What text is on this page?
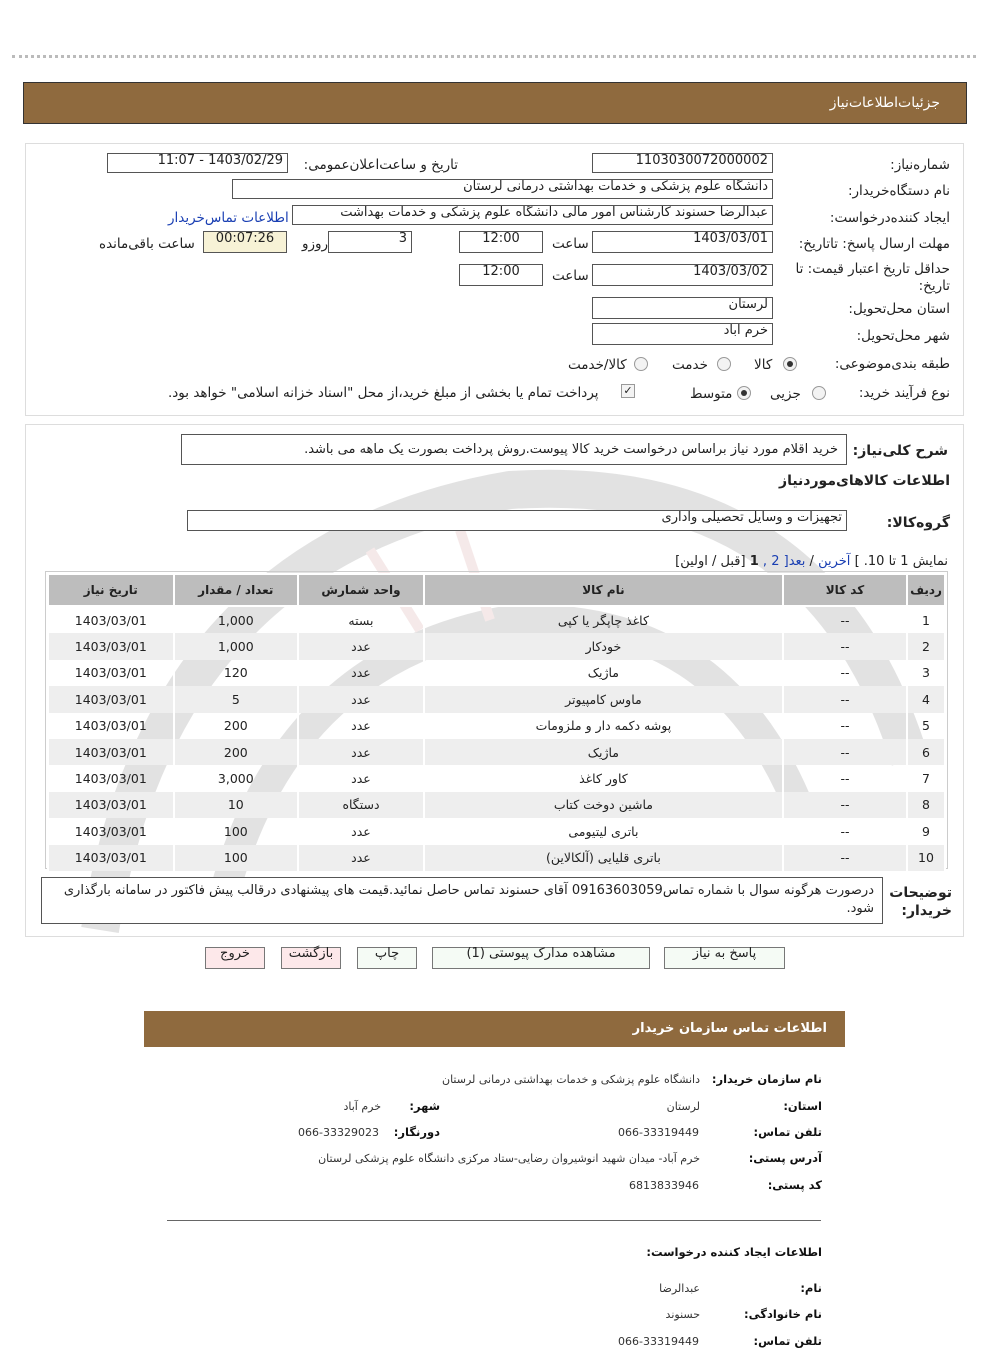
جزئیات‌اطلاعات‌نیاز
شماره‌نیاز:
1103030072000002
تاریخ و ساعت‌اعلان‌عمومی:
1403/02/29 - 11:07
نام دستگاه‌خریدار:
دانشگاه علوم پزشکی و خدمات بهداشتی درمانی لرستان
ایجاد کننده‌درخواست:
عبدالرضا حسنوند کارشناس امور مالی دانشگاه علوم پزشکی و خدمات بهداشت
اطلاعات تماس‌خریدار
مهلت ارسال پاسخ: تاتاریخ:
1403/03/01
ساعت
12:00
3
روزو
00:07:26
ساعت باقی‌مانده
حداقل تاریخ اعتبار قیمت: تا تاریخ:
1403/03/02
ساعت
12:00
استان محل‌تحویل:
لرستان
شهر محل‌تحویل:
خرم آباد
طبقه بندی‌موضوعی:
کالا
خدمت
کالا/خدمت
نوع فرآیند خرید:
جزیی
متوسط
✓
پرداخت تمام یا بخشی از مبلغ خرید،از محل "اسناد خزانه اسلامی" خواهد بود.
شرح کلی‌نیاز:
خرید اقلام مورد نیاز براساس درخواست خرید کالا پیوست.روش پرداخت بصورت یک ماهه می باشد.
اطلاعات کالاهای‌مورد‌نیاز
گروه‌کالا:
تجهیزات و وسایل تحصیلی واداری
نمایش 1 تا 10. ] آخرین / بعد[ 2 , 1 [قبل / اولین]
تاریخ نیاز	تعداد / مقدار	واحد شمارش	نام کالا	کد کالا	ردیف
1403/03/01	1,000	بسته	کاغذ چاپگر یا کپی	--	1
1403/03/01	1,000	عدد	خودکار	--	2
1403/03/01	120	عدد	ماژیک	--	3
1403/03/01	5	عدد	ماوس کامپیوتر	--	4
1403/03/01	200	عدد	پوشه دکمه دار و ملزومات	--	5
1403/03/01	200	عدد	ماژیک	--	6
1403/03/01	3,000	عدد	کاور کاغذ	--	7
1403/03/01	10	دستگاه	ماشین دوخت کتاب	--	8
1403/03/01	100	عدد	باتری لیتیومی	--	9
1403/03/01	100	عدد	باتری قلیایی (آلکالاین)	--	10
توضیحات خریدار:
درصورت هرگونه سوال با شماره تماس09163603059 آقای حسنوند تماس حاصل نمائید.قیمت های پیشنهادی درقالب پیش فاکتور در سامانه بارگذاری شود.
پاسخ به نیاز
مشاهده مدارک پیوستی (1)
چاپ
بازگشت
خروج
اطلاعات تماس سازمان خریدار
نام سازمان خریدار:
دانشگاه علوم پزشکی و خدمات بهداشتی درمانی لرستان
استان:
لرستان
شهر:
خرم آباد
تلفن تماس:
066-33319449
دورنگار:
066-33329023
آدرس پستی:
خرم آباد- میدان شهید انوشیروان رضایی-ستاد مرکزی دانشگاه علوم پزشکی لرستان
کد پستی:
6813833946
اطلاعات ایجاد کننده درخواست:
نام:
عبدالرضا
نام خانوادگی:
حسنوند
تلفن تماس:
066-33319449
